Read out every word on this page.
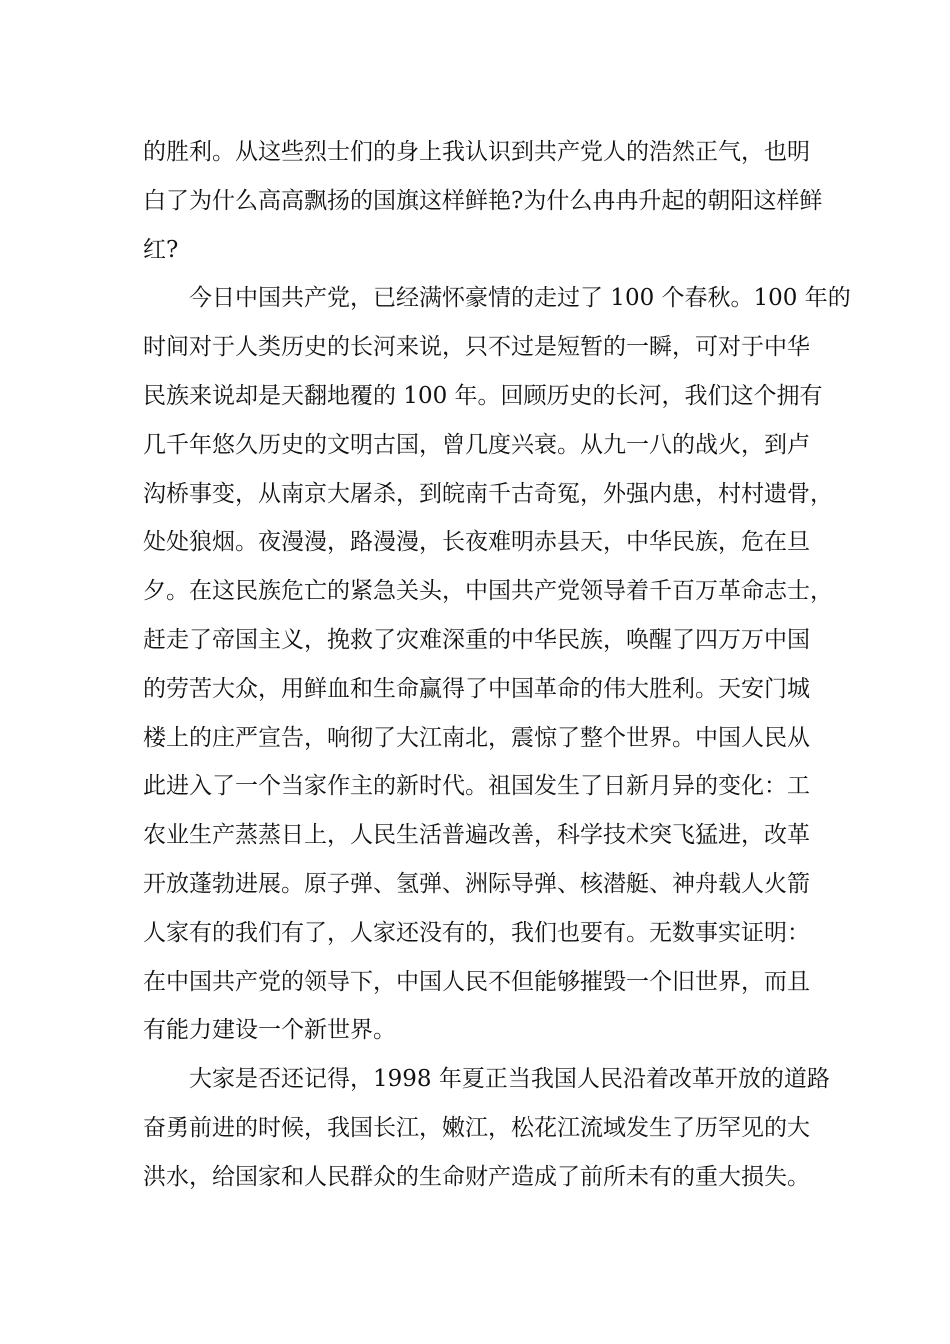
的胜利。从这些烈士们的身上我认识到共产党人的浩然正气，也明
白了为什么高高飘扬的国旗这样鲜艳?为什么冉冉升起的朝阳这样鲜
红?
今日中国共产党，已经满怀豪情的走过了 100 个春秋。100 年的
时间对于人类历史的长河来说，只不过是短暂的一瞬，可对于中华
民族来说却是天翻地覆的 100 年。回顾历史的长河，我们这个拥有
几千年悠久历史的文明古国，曾几度兴衰。从九一八的战火，到卢
沟桥事变，从南京大屠杀，到皖南千古奇冤，外强内患，村村遗骨，
处处狼烟。夜漫漫，路漫漫，长夜难明赤县天，中华民族，危在旦
夕。在这民族危亡的紧急关头，中国共产党领导着千百万革命志士，
赶走了帝国主义，挽救了灾难深重的中华民族，唤醒了四万万中国
的劳苦大众，用鲜血和生命赢得了中国革命的伟大胜利。天安门城
楼上的庄严宣告，响彻了大江南北，震惊了整个世界。中国人民从
此进入了一个当家作主的新时代。祖国发生了日新月异的变化：工
农业生产蒸蒸日上，人民生活普遍改善，科学技术突飞猛进，改革
开放蓬勃进展。原子弹、氢弹、洲际导弹、核潜艇、神舟载人火箭
人家有的我们有了，人家还没有的，我们也要有。无数事实证明：
在中国共产党的领导下，中国人民不但能够摧毁一个旧世界，而且
有能力建设一个新世界。
大家是否还记得，1998 年夏正当我国人民沿着改革开放的道路
奋勇前进的时候，我国长江，嫩江，松花江流域发生了历罕见的大
洪水，给国家和人民群众的生命财产造成了前所未有的重大损失。
